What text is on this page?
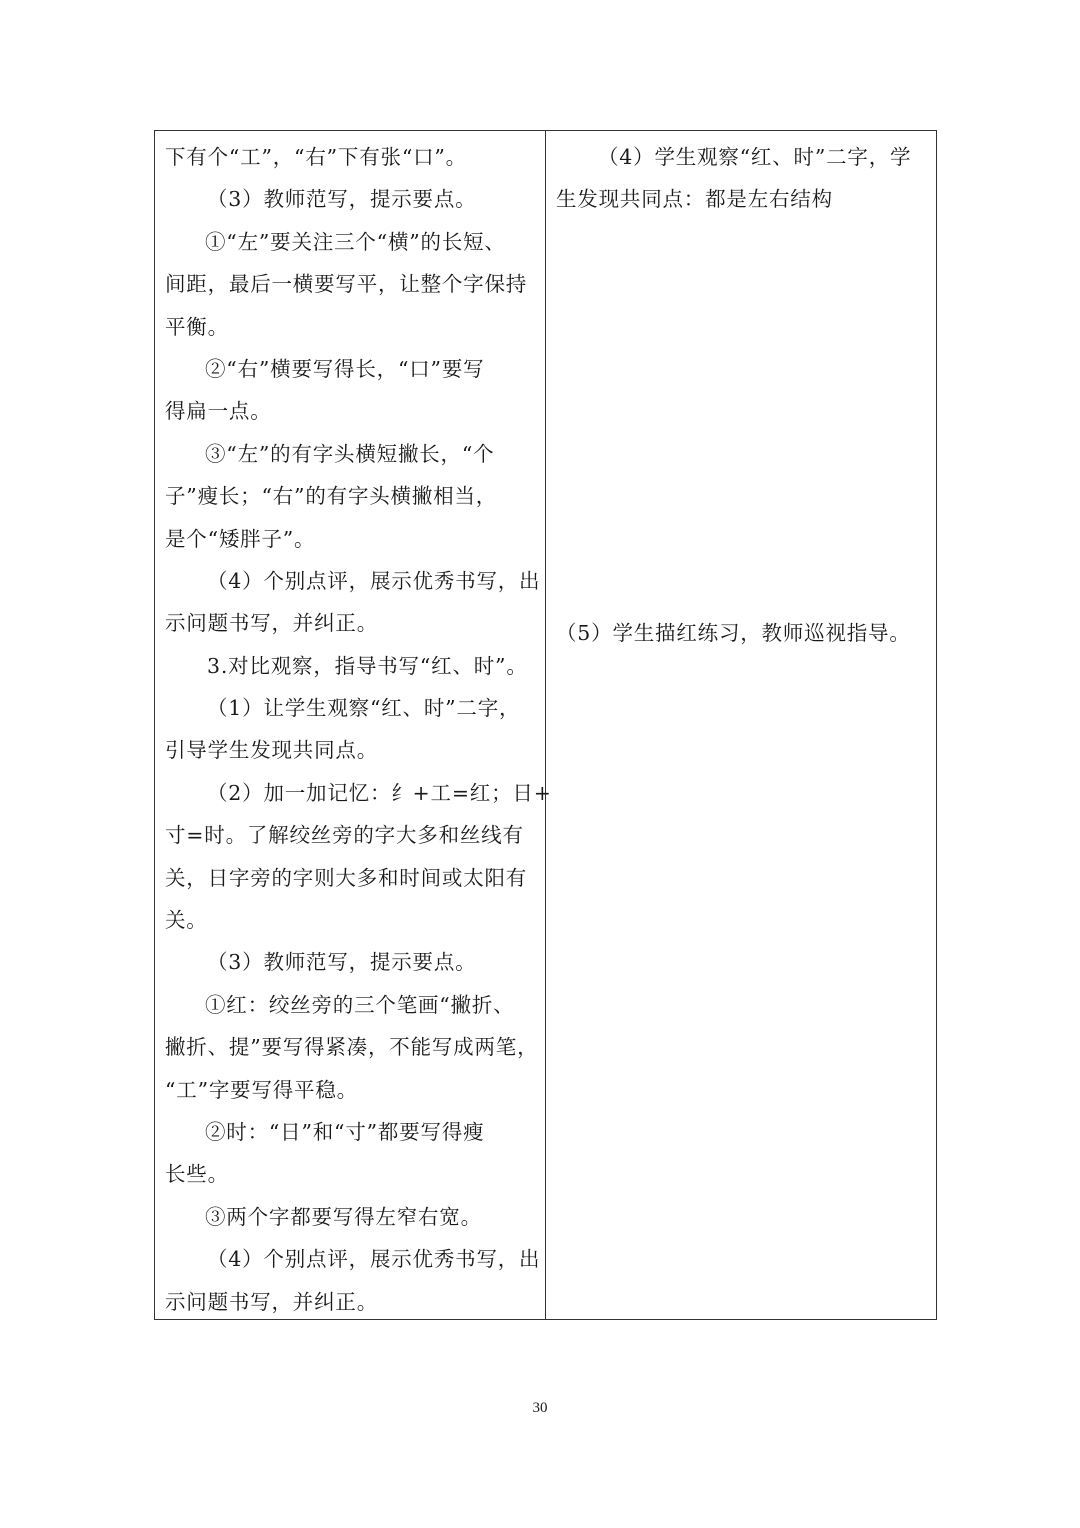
下有个“工”，“右”下有张“口”。
（3）教师范写，提示要点。
①“左”要关注三个“横”的长短、
间距，最后一横要写平，让整个字保持
平衡。
②“右”横要写得长，“口”要写
得扁一点。
③“左”的有字头横短撇长，“个
子”瘦长；“右”的有字头横撇相当，
是个“矮胖子”。
（4）个别点评，展示优秀书写，出
示问题书写，并纠正。
3.对比观察，指导书写“红、时”。
（1）让学生观察“红、时”二字，
引导学生发现共同点。
（2）加一加记忆：纟+工=红；日+
寸=时。了解绞丝旁的字大多和丝线有
关，日字旁的字则大多和时间或太阳有
关。
（3）教师范写，提示要点。
①红：绞丝旁的三个笔画“撇折、
撇折、提”要写得紧凑，不能写成两笔，
“工”字要写得平稳。
②时：“日”和“寸”都要写得瘦
长些。
③两个字都要写得左窄右宽。
（4）个别点评，展示优秀书写，出
示问题书写，并纠正。
（4）学生观察“红、时”二字，学
生发现共同点：都是左右结构
（5）学生描红练习，教师巡视指导。
30
